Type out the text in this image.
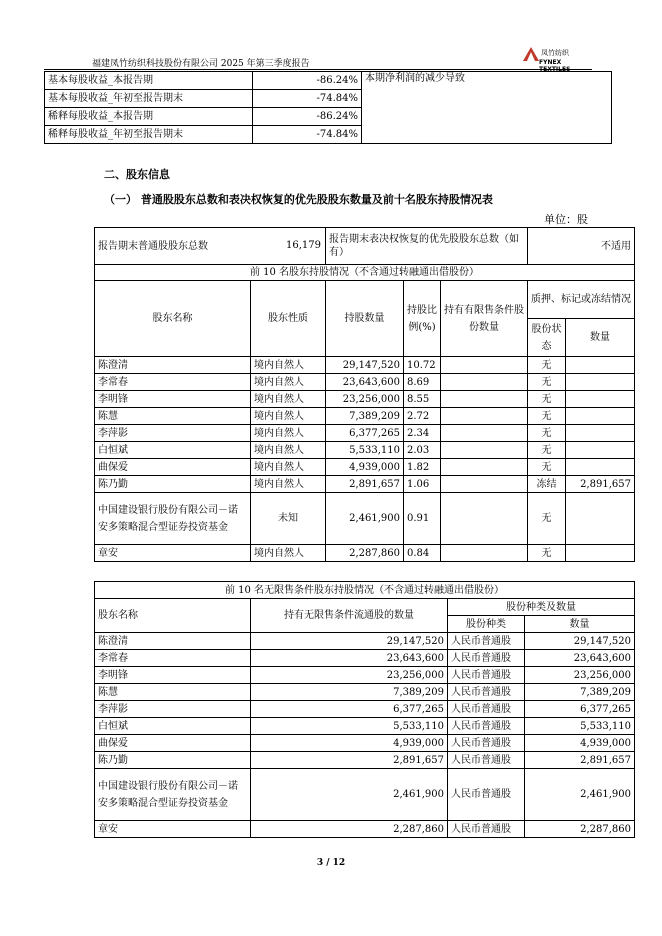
福建凤竹纺织科技股份有限公司 2025 年第三季度报告
凤竹纺织
FYNEX TEXTILES
基本每股收益_本报告期	-86.24%	本期净利润的减少导致
基本每股收益_年初至报告期末	-74.84%	
稀释每股收益_本报告期	-86.24%	
稀释每股收益_年初至报告期末	-74.84%	
二、股东信息
（一） 普通股股东总数和表决权恢复的优先股股东数量及前十名股东持股情况表
单位：股
报告期末普通股股东总数 16,179		报告期末表决权恢复的优先股股东总数（如有）			不适用	
前 10 名股东持股情况（不含通过转融通出借股份）						
股东名称	股东性质	持股数量	持股比例(%)	持有有限售条件股份数量	质押、标记或冻结情况	
					股份状态	数量
陈澄清	境内自然人	29,147,520	10.72		无	
李常春	境内自然人	23,643,600	8.69		无	
李明锋	境内自然人	23,256,000	8.55		无	
陈慧	境内自然人	7,389,209	2.72		无	
李萍影	境内自然人	6,377,265	2.34		无	
白恒斌	境内自然人	5,533,110	2.03		无	
曲保爱	境内自然人	4,939,000	1.82		无	
陈乃勤	境内自然人	2,891,657	1.06		冻结	2,891,657
中国建设银行股份有限公司－诺安多策略混合型证券投资基金	未知	2,461,900	0.91		无	
章安	境内自然人	2,287,860	0.84		无	
前 10 名无限售条件股东持股情况（不含通过转融通出借股份）			
股东名称	持有无限售条件流通股的数量	股份种类及数量	
		股份种类	数量
陈澄清	29,147,520	人民币普通股	29,147,520
李常春	23,643,600	人民币普通股	23,643,600
李明锋	23,256,000	人民币普通股	23,256,000
陈慧	7,389,209	人民币普通股	7,389,209
李萍影	6,377,265	人民币普通股	6,377,265
白恒斌	5,533,110	人民币普通股	5,533,110
曲保爱	4,939,000	人民币普通股	4,939,000
陈乃勤	2,891,657	人民币普通股	2,891,657
中国建设银行股份有限公司－诺安多策略混合型证券投资基金	2,461,900	人民币普通股	2,461,900
章安	2,287,860	人民币普通股	2,287,860
3 / 12
